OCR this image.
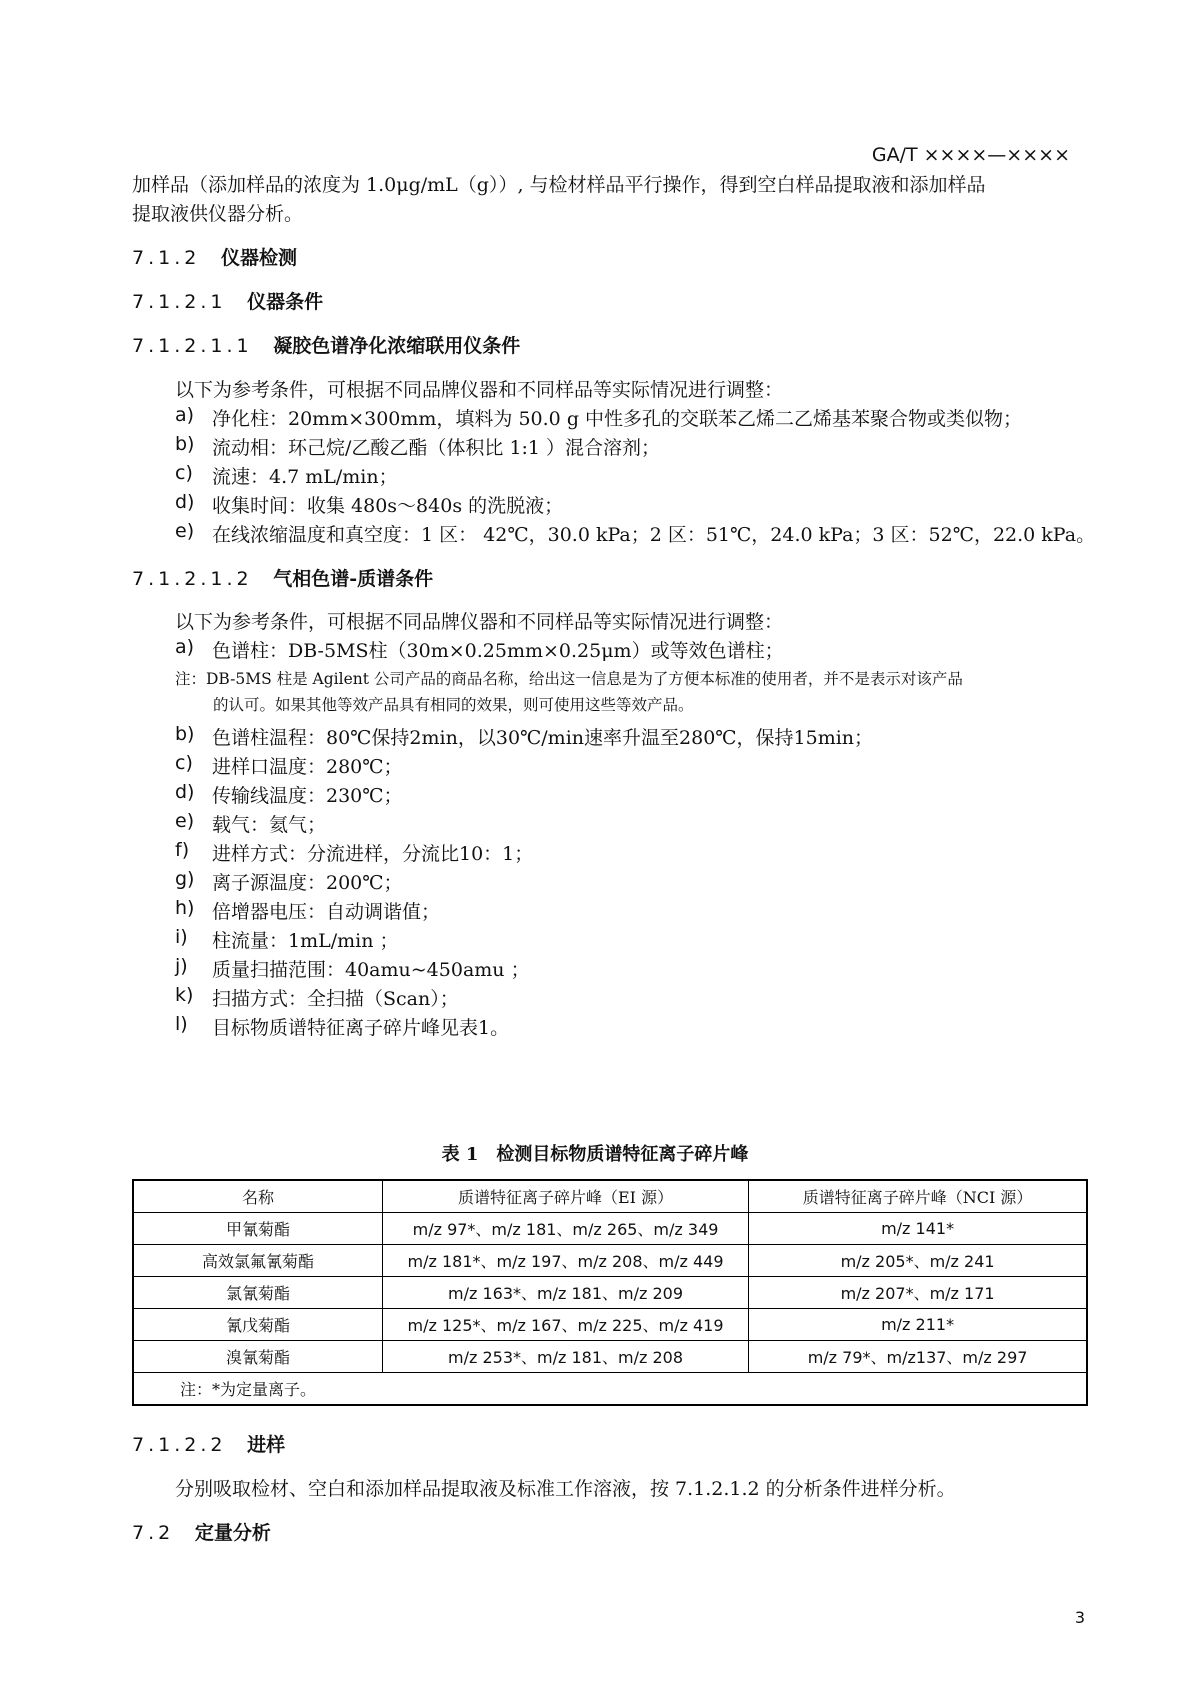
GA/T ××××—××××
加样品（添加样品的浓度为 1.0μg/mL（g））, 与检材样品平行操作，得到空白样品提取液和添加样品
提取液供仪器分析。
7.1.2 仪器检测
7.1.2.1 仪器条件
7.1.2.1.1 凝胶色谱净化浓缩联用仪条件
以下为参考条件，可根据不同品牌仪器和不同样品等实际情况进行调整：
a) 净化柱：20mm×300mm，填料为 50.0 g 中性多孔的交联苯乙烯二乙烯基苯聚合物或类似物；
b) 流动相：环己烷/乙酸乙酯（体积比 1:1 ）混合溶剂；
c) 流速：4.7 mL/min；
d) 收集时间：收集 480s～840s 的洗脱液；
e) 在线浓缩温度和真空度：1 区： 42℃，30.0 kPa；2 区：51℃，24.0 kPa；3 区：52℃，22.0 kPa。
7.1.2.1.2 气相色谱-质谱条件
以下为参考条件，可根据不同品牌仪器和不同样品等实际情况进行调整：
a) 色谱柱：DB-5MS柱（30m×0.25mm×0.25μm）或等效色谱柱；
注：DB-5MS 柱是 Agilent 公司产品的商品名称，给出这一信息是为了方便本标准的使用者，并不是表示对该产品
的认可。如果其他等效产品具有相同的效果，则可使用这些等效产品。
b) 色谱柱温程：80℃保持2min，以30℃/min速率升温至280℃，保持15min；
c) 进样口温度：280℃；
d) 传输线温度：230℃；
e) 载气：氦气；
f) 进样方式：分流进样，分流比10：1；
g) 离子源温度：200℃；
h) 倍增器电压：自动调谐值；
i) 柱流量：1mL/min ；
j) 质量扫描范围：40amu~450amu ；
k) 扫描方式：全扫描（Scan）；
l) 目标物质谱特征离子碎片峰见表1。
表 1　检测目标物质谱特征离子碎片峰
名称	质谱特征离子碎片峰（EI 源）	质谱特征离子碎片峰（NCI 源）
甲氰菊酯	m/z 97*、m/z 181、m/z 265、m/z 349	m/z 141*
高效氯氟氰菊酯	m/z 181*、m/z 197、m/z 208、m/z 449	m/z 205*、m/z 241
氯氰菊酯	m/z 163*、m/z 181、m/z 209	m/z 207*、m/z 171
氰戊菊酯	m/z 125*、m/z 167、m/z 225、m/z 419	m/z 211*
溴氰菊酯	m/z 253*、m/z 181、m/z 208	m/z 79*、m/z137、m/z 297
注：*为定量离子。		
7.1.2.2 进样
分别吸取检材、空白和添加样品提取液及标准工作溶液，按 7.1.2.1.2 的分析条件进样分析。
7.2 定量分析
3
